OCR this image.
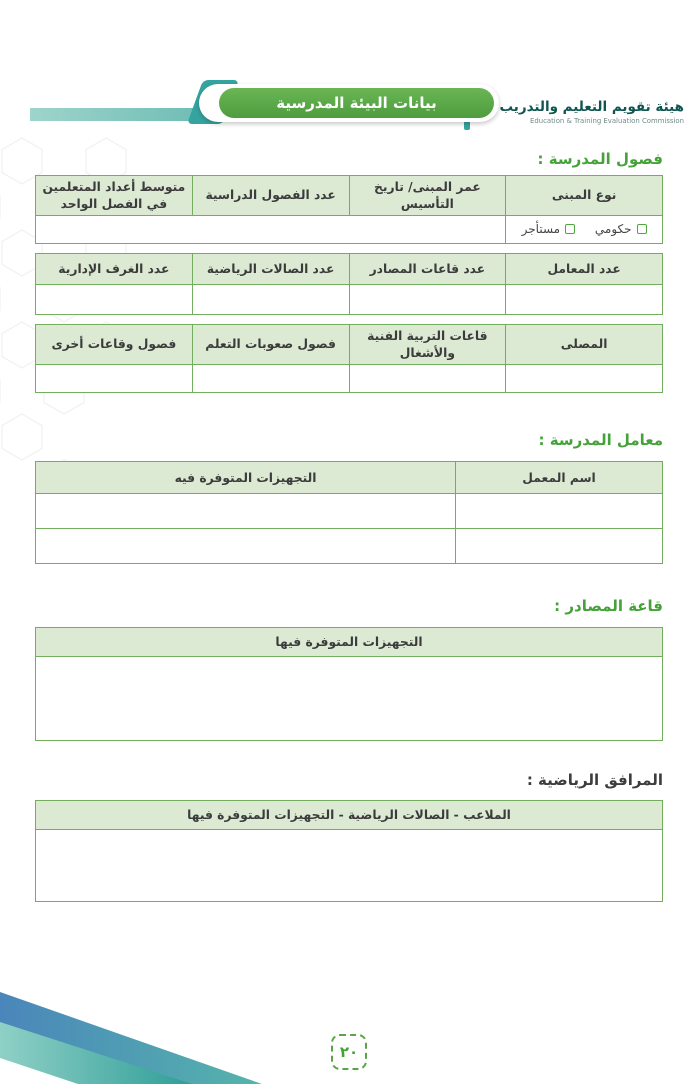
هيئة تقويم التعليم والتدريب
Education & Training Evaluation Commission
بيانات البيئة المدرسية
فصول المدرسة :
نوع المبنى	عمر المبنى/ تاريخ التأسيس	عدد الفصول الدراسية	متوسط أعداد المتعلمين في الفصل الواحد

حكومي

مستأجر			

عدد المعامل	عدد قاعات المصادر	عدد الصالات الرياضية	عدد الغرف الإدارية

المصلى	قاعات التربية الفنية والأشغال	فصول صعوبات التعلم	فصول وقاعات أخرى

معامل المدرسة :
اسم المعمل	التجهيزات المتوفرة فيه

قاعة المصادر :
التجهيزات المتوفرة فيها

المرافق الرياضية :
الملاعب - الصالات الرياضية - التجهيزات المتوفرة فيها

٢٠
